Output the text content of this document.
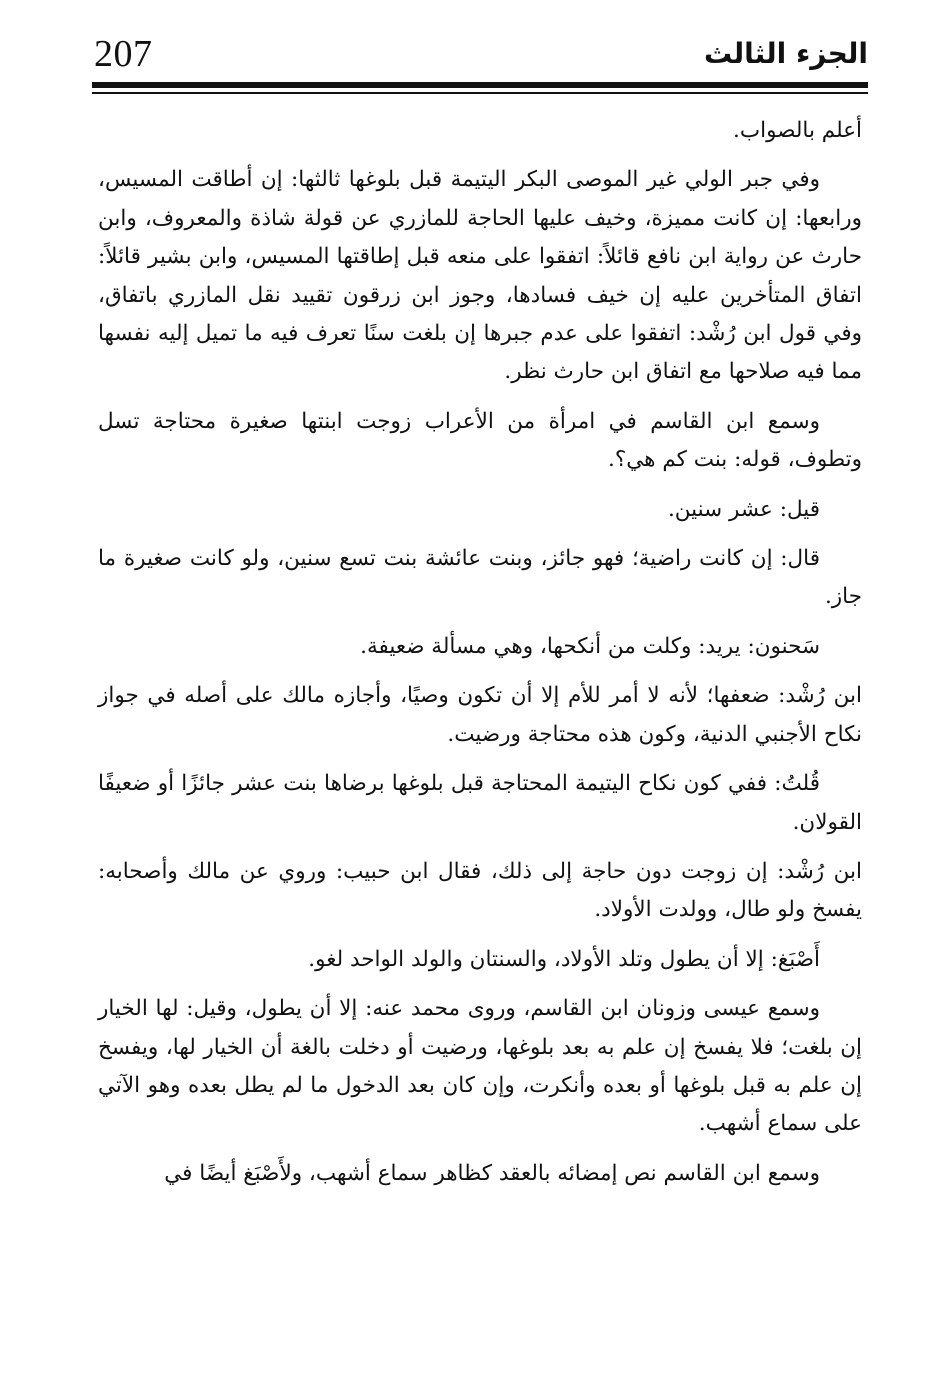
207	الجزء الثالث

أعلم بالصواب.

وفي جبر الولي غير الموصى البكر اليتيمة قبل بلوغها ثالثها: إن أطاقت المسيس، ورابعها: إن كانت مميزة، وخيف عليها الحاجة للمازري عن قولة شاذة والمعروف، وابن حارث عن رواية ابن نافع قائلاً: اتفقوا على منعه قبل إطاقتها المسيس، وابن بشير قائلاً: اتفاق المتأخرين عليه إن خيف فسادها، وجوز ابن زرقون تقييد نقل المازري باتفاق، وفي قول ابن رُشْد: اتفقوا على عدم جبرها إن بلغت سنًا تعرف فيه ما تميل إليه نفسها مما فيه صلاحها مع اتفاق ابن حارث نظر.

وسمع ابن القاسم في امرأة من الأعراب زوجت ابنتها صغيرة محتاجة تسل وتطوف، قوله: بنت كم هي؟.

قيل: عشر سنين.

قال: إن كانت راضية؛ فهو جائز، وبنت عائشة بنت تسع سنين، ولو كانت صغيرة ما جاز.

سَحنون: يريد: وكلت من أنكحها، وهي مسألة ضعيفة.

ابن رُشْد: ضعفها؛ لأنه لا أمر للأم إلا أن تكون وصيًا، وأجازه مالك على أصله في جواز نكاح الأجنبي الدنية، وكون هذه محتاجة ورضيت.

قُلتُ: ففي كون نكاح اليتيمة المحتاجة قبل بلوغها برضاها بنت عشر جائزًا أو ضعيفًا القولان.

ابن رُشْد: إن زوجت دون حاجة إلى ذلك، فقال ابن حبيب: وروي عن مالك وأصحابه: يفسخ ولو طال، وولدت الأولاد.

أَصْبَغ: إلا أن يطول وتلد الأولاد، والسنتان والولد الواحد لغو.

وسمع عيسى وزونان ابن القاسم، وروى محمد عنه: إلا أن يطول، وقيل: لها الخيار إن بلغت؛ فلا يفسخ إن علم به بعد بلوغها، ورضيت أو دخلت بالغة أن الخيار لها، ويفسخ إن علم به قبل بلوغها أو بعده وأنكرت، وإن كان بعد الدخول ما لم يطل بعده وهو الآتي على سماع أشهب.

وسمع ابن القاسم نص إمضائه بالعقد كظاهر سماع أشهب، ولأَصْبَغ أيضًا في
